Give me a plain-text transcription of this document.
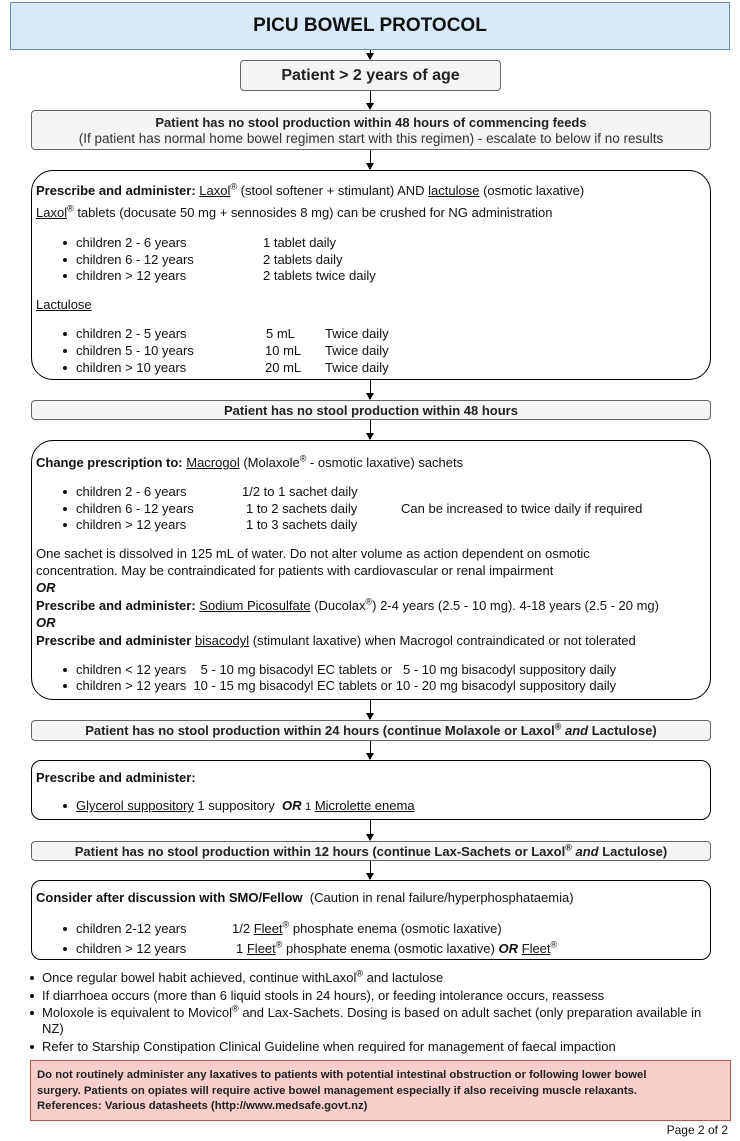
PICU BOWEL PROTOCOL
Patient > 2 years of age
Patient has no stool production within 48 hours of commencing feeds
(If patient has normal home bowel regimen start with this regimen) - escalate to below if no results
Prescribe and administer: Laxol® (stool softener + stimulant) AND lactulose (osmotic laxative)
Laxol® tablets (docusate 50 mg + sennosides 8 mg) can be crushed for NG administration
children 2 - 6 years	1 tablet daily
children 6 - 12 years	2 tablets daily
children > 12 years	2 tablets twice daily
Lactulose
children 2 - 5 years	5 mL Twice daily
children 5 - 10 years	10 mL Twice daily
children > 10 years	20 mL Twice daily
Patient has no stool production within 48 hours
Change prescription to: Macrogol (Molaxole® - osmotic laxative) sachets
children 2 - 6 years	1/2 to 1 sachet daily
children 6 - 12 years	1 to 2 sachets daily	Can be increased to twice daily if required
children > 12 years	1 to 3 sachets daily
One sachet is dissolved in 125 mL of water. Do not alter volume as action dependent on osmotic
concentration. May be contraindicated for patients with cardiovascular or renal impairment
OR
Prescribe and administer: Sodium Picosulfate (Ducolax®) 2-4 years (2.5 - 10 mg). 4-18 years (2.5 - 20 mg)
OR
Prescribe and administer bisacodyl (stimulant laxative) when Macrogol contraindicated or not tolerated
children < 12 years 5 - 10 mg bisacodyl EC tablets or   5 - 10 mg bisacodyl suppository daily
children > 12 years 10 - 15 mg bisacodyl EC tablets or 10 - 20 mg bisacodyl suppository daily
Patient has no stool production within 24 hours (continue Molaxole or Laxol® and Lactulose)
Prescribe and administer:
Glycerol suppository 1 suppository OR 1 Microlette enema
Patient has no stool production within 12 hours (continue Lax-Sachets or Laxol® and Lactulose)
Consider after discussion with SMO/Fellow (Caution in renal failure/hyperphosphataemia)
children 2-12 years	1/2 Fleet® phosphate enema (osmotic laxative)
children > 12 years	1 Fleet® phosphate enema (osmotic laxative) OR Fleet®
Once regular bowel habit achieved, continue withLaxol® and lactulose
If diarrhoea occurs (more than 6 liquid stools in 24 hours), or feeding intolerance occurs, reassess
Moloxole is equivalent to Movicol® and Lax-Sachets. Dosing is based on adult sachet (only preparation available in NZ)
Refer to Starship Constipation Clinical Guideline when required for management of faecal impaction
Do not routinely administer any laxatives to patients with potential intestinal obstruction or following lower bowel
surgery. Patients on opiates will require active bowel management especially if also receiving muscle relaxants.
References: Various datasheets (http://www.medsafe.govt.nz)
Page 2 of 2
